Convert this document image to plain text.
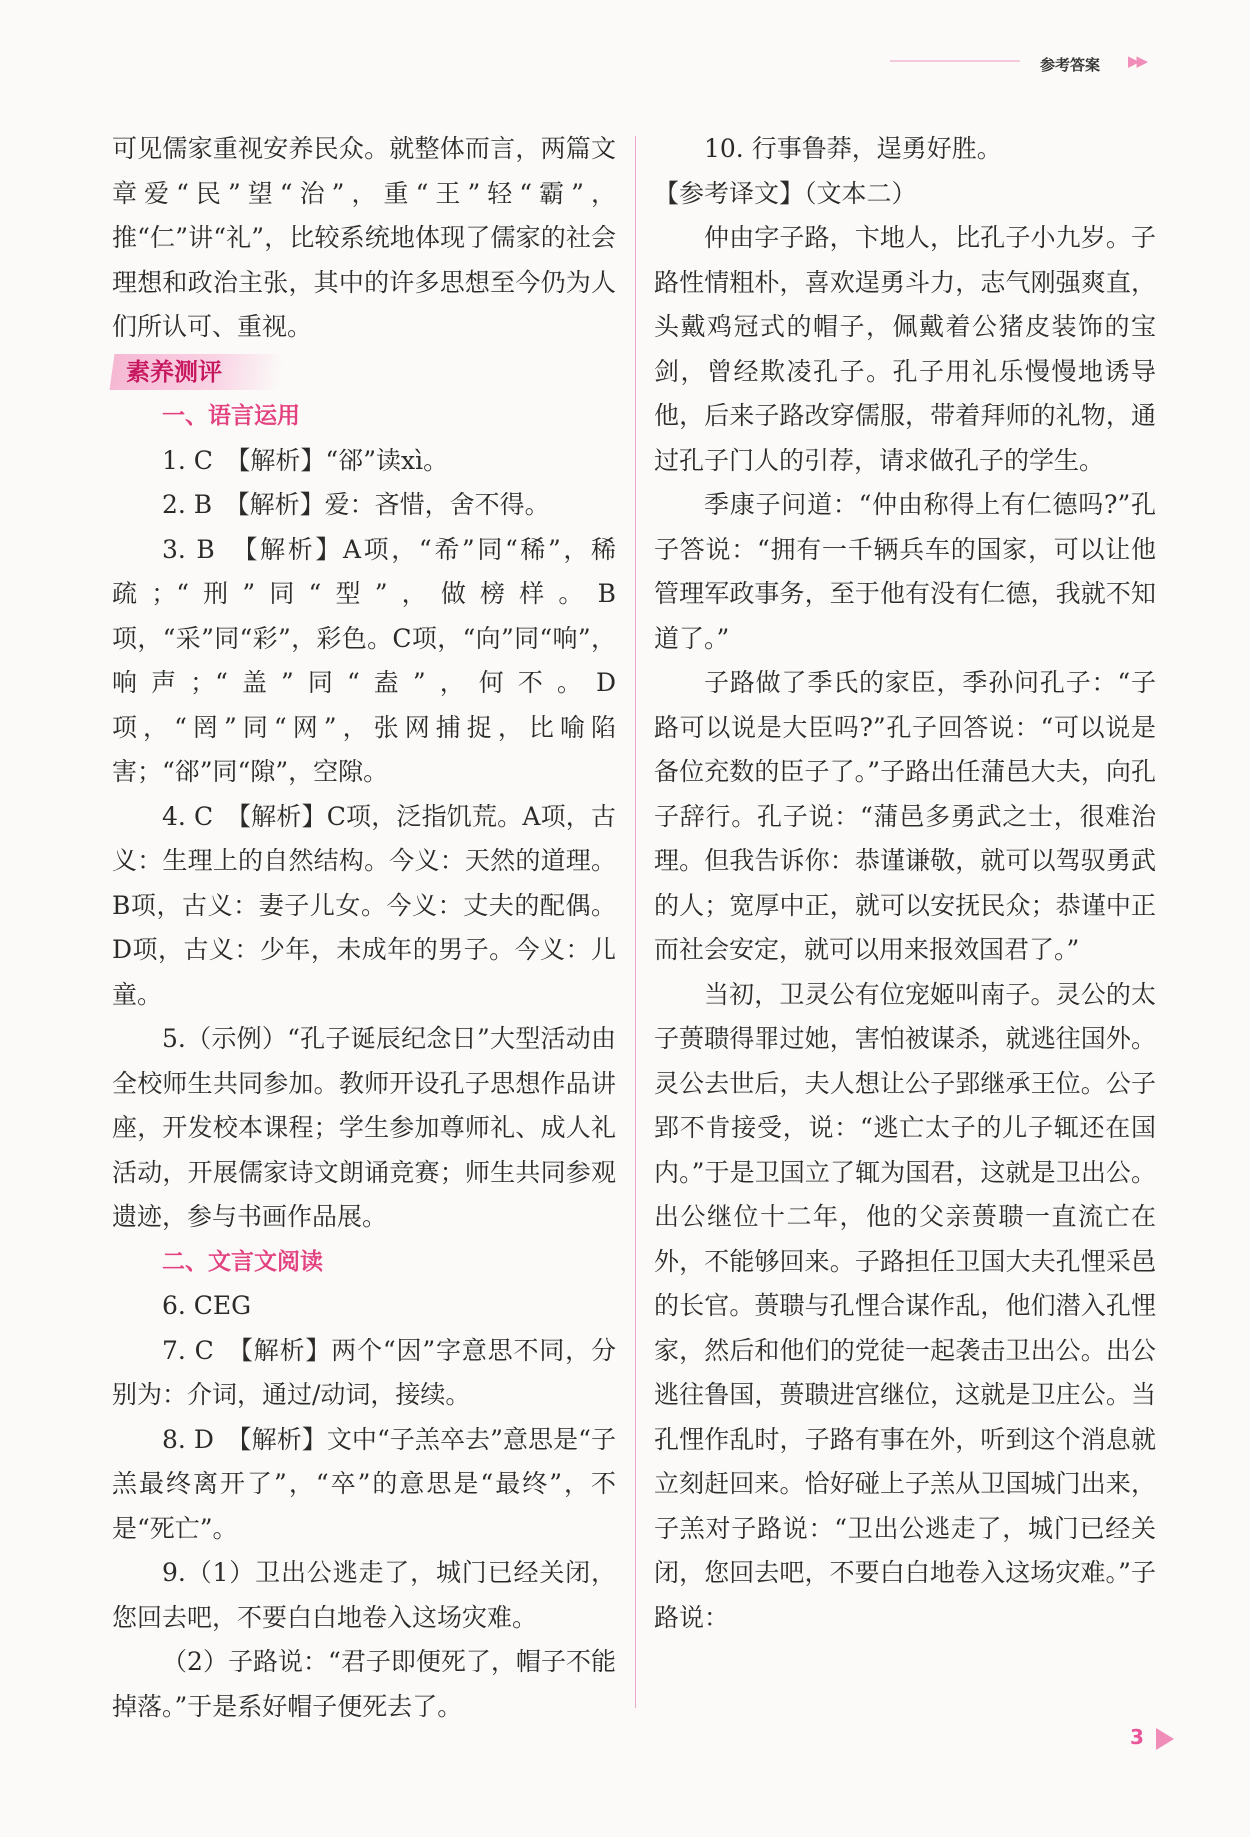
参考答案 ▶▶

可见儒家重视安养民众。就整体而言，两篇文章爱“民”望“治”，重“王”轻“霸”，推“仁”讲“礼”，比较系统地体现了儒家的社会理想和政治主张，其中的许多思想至今仍为人们所认可、重视。

素养测评
一、语言运用

1. C　【解析】“郤”读xì。

2. B　【解析】爱：吝惜，舍不得。

3. B　【解析】A项，“希”同“稀”，稀疏；“刑”同“型”，做榜样。B项，“采”同“彩”，彩色。C项，“向”同“响”，响声；“盖”同“盍”，何不。D项，“罔”同“网”，张网捕捉，比喻陷害；“郤”同“隙”，空隙。

4. C　【解析】C项，泛指饥荒。A项，古义：生理上的自然结构。今义：天然的道理。B项，古义：妻子儿女。今义：丈夫的配偶。D项，古义：少年，未成年的男子。今义：儿童。

5.（示例）“孔子诞辰纪念日”大型活动由全校师生共同参加。教师开设孔子思想作品讲座，开发校本课程；学生参加尊师礼、成人礼活动，开展儒家诗文朗诵竞赛；师生共同参观遗迹，参与书画作品展。

二、文言文阅读

6. CEG

7. C　【解析】两个“因”字意思不同，分别为：介词，通过/动词，接续。

8. D　【解析】文中“子羔卒去”意思是“子羔最终离开了”，“卒”的意思是“最终”，不是“死亡”。

9.（1）卫出公逃走了，城门已经关闭，您回去吧，不要白白地卷入这场灾难。

（2）子路说：“君子即便死了，帽子不能掉落。”于是系好帽子便死去了。

10. 行事鲁莽，逞勇好胜。

【参考译文】（文本二）

仲由字子路，卞地人，比孔子小九岁。子路性情粗朴，喜欢逞勇斗力，志气刚强爽直，头戴鸡冠式的帽子，佩戴着公猪皮装饰的宝剑，曾经欺凌孔子。孔子用礼乐慢慢地诱导他，后来子路改穿儒服，带着拜师的礼物，通过孔子门人的引荐，请求做孔子的学生。

季康子问道：“仲由称得上有仁德吗?”孔子答说：“拥有一千辆兵车的国家，可以让他管理军政事务，至于他有没有仁德，我就不知道了。”

子路做了季氏的家臣，季孙问孔子：“子路可以说是大臣吗?”孔子回答说：“可以说是备位充数的臣子了。”子路出任蒲邑大夫，向孔子辞行。孔子说：“蒲邑多勇武之士，很难治理。但我告诉你：恭谨谦敬，就可以驾驭勇武的人；宽厚中正，就可以安抚民众；恭谨中正而社会安定，就可以用来报效国君了。”

当初，卫灵公有位宠姬叫南子。灵公的太子蒉聩得罪过她，害怕被谋杀，就逃往国外。灵公去世后，夫人想让公子郢继承王位。公子郢不肯接受，说：“逃亡太子的儿子辄还在国内。”于是卫国立了辄为国君，这就是卫出公。出公继位十二年，他的父亲蒉聩一直流亡在外，不能够回来。子路担任卫国大夫孔悝采邑的长官。蒉聩与孔悝合谋作乱，他们潜入孔悝家，然后和他们的党徒一起袭击卫出公。出公逃往鲁国，蒉聩进宫继位，这就是卫庄公。当孔悝作乱时，子路有事在外，听到这个消息就立刻赶回来。恰好碰上子羔从卫国城门出来，子羔对子路说：“卫出公逃走了，城门已经关闭，您回去吧，不要白白地卷入这场灾难。”子路说：

3
